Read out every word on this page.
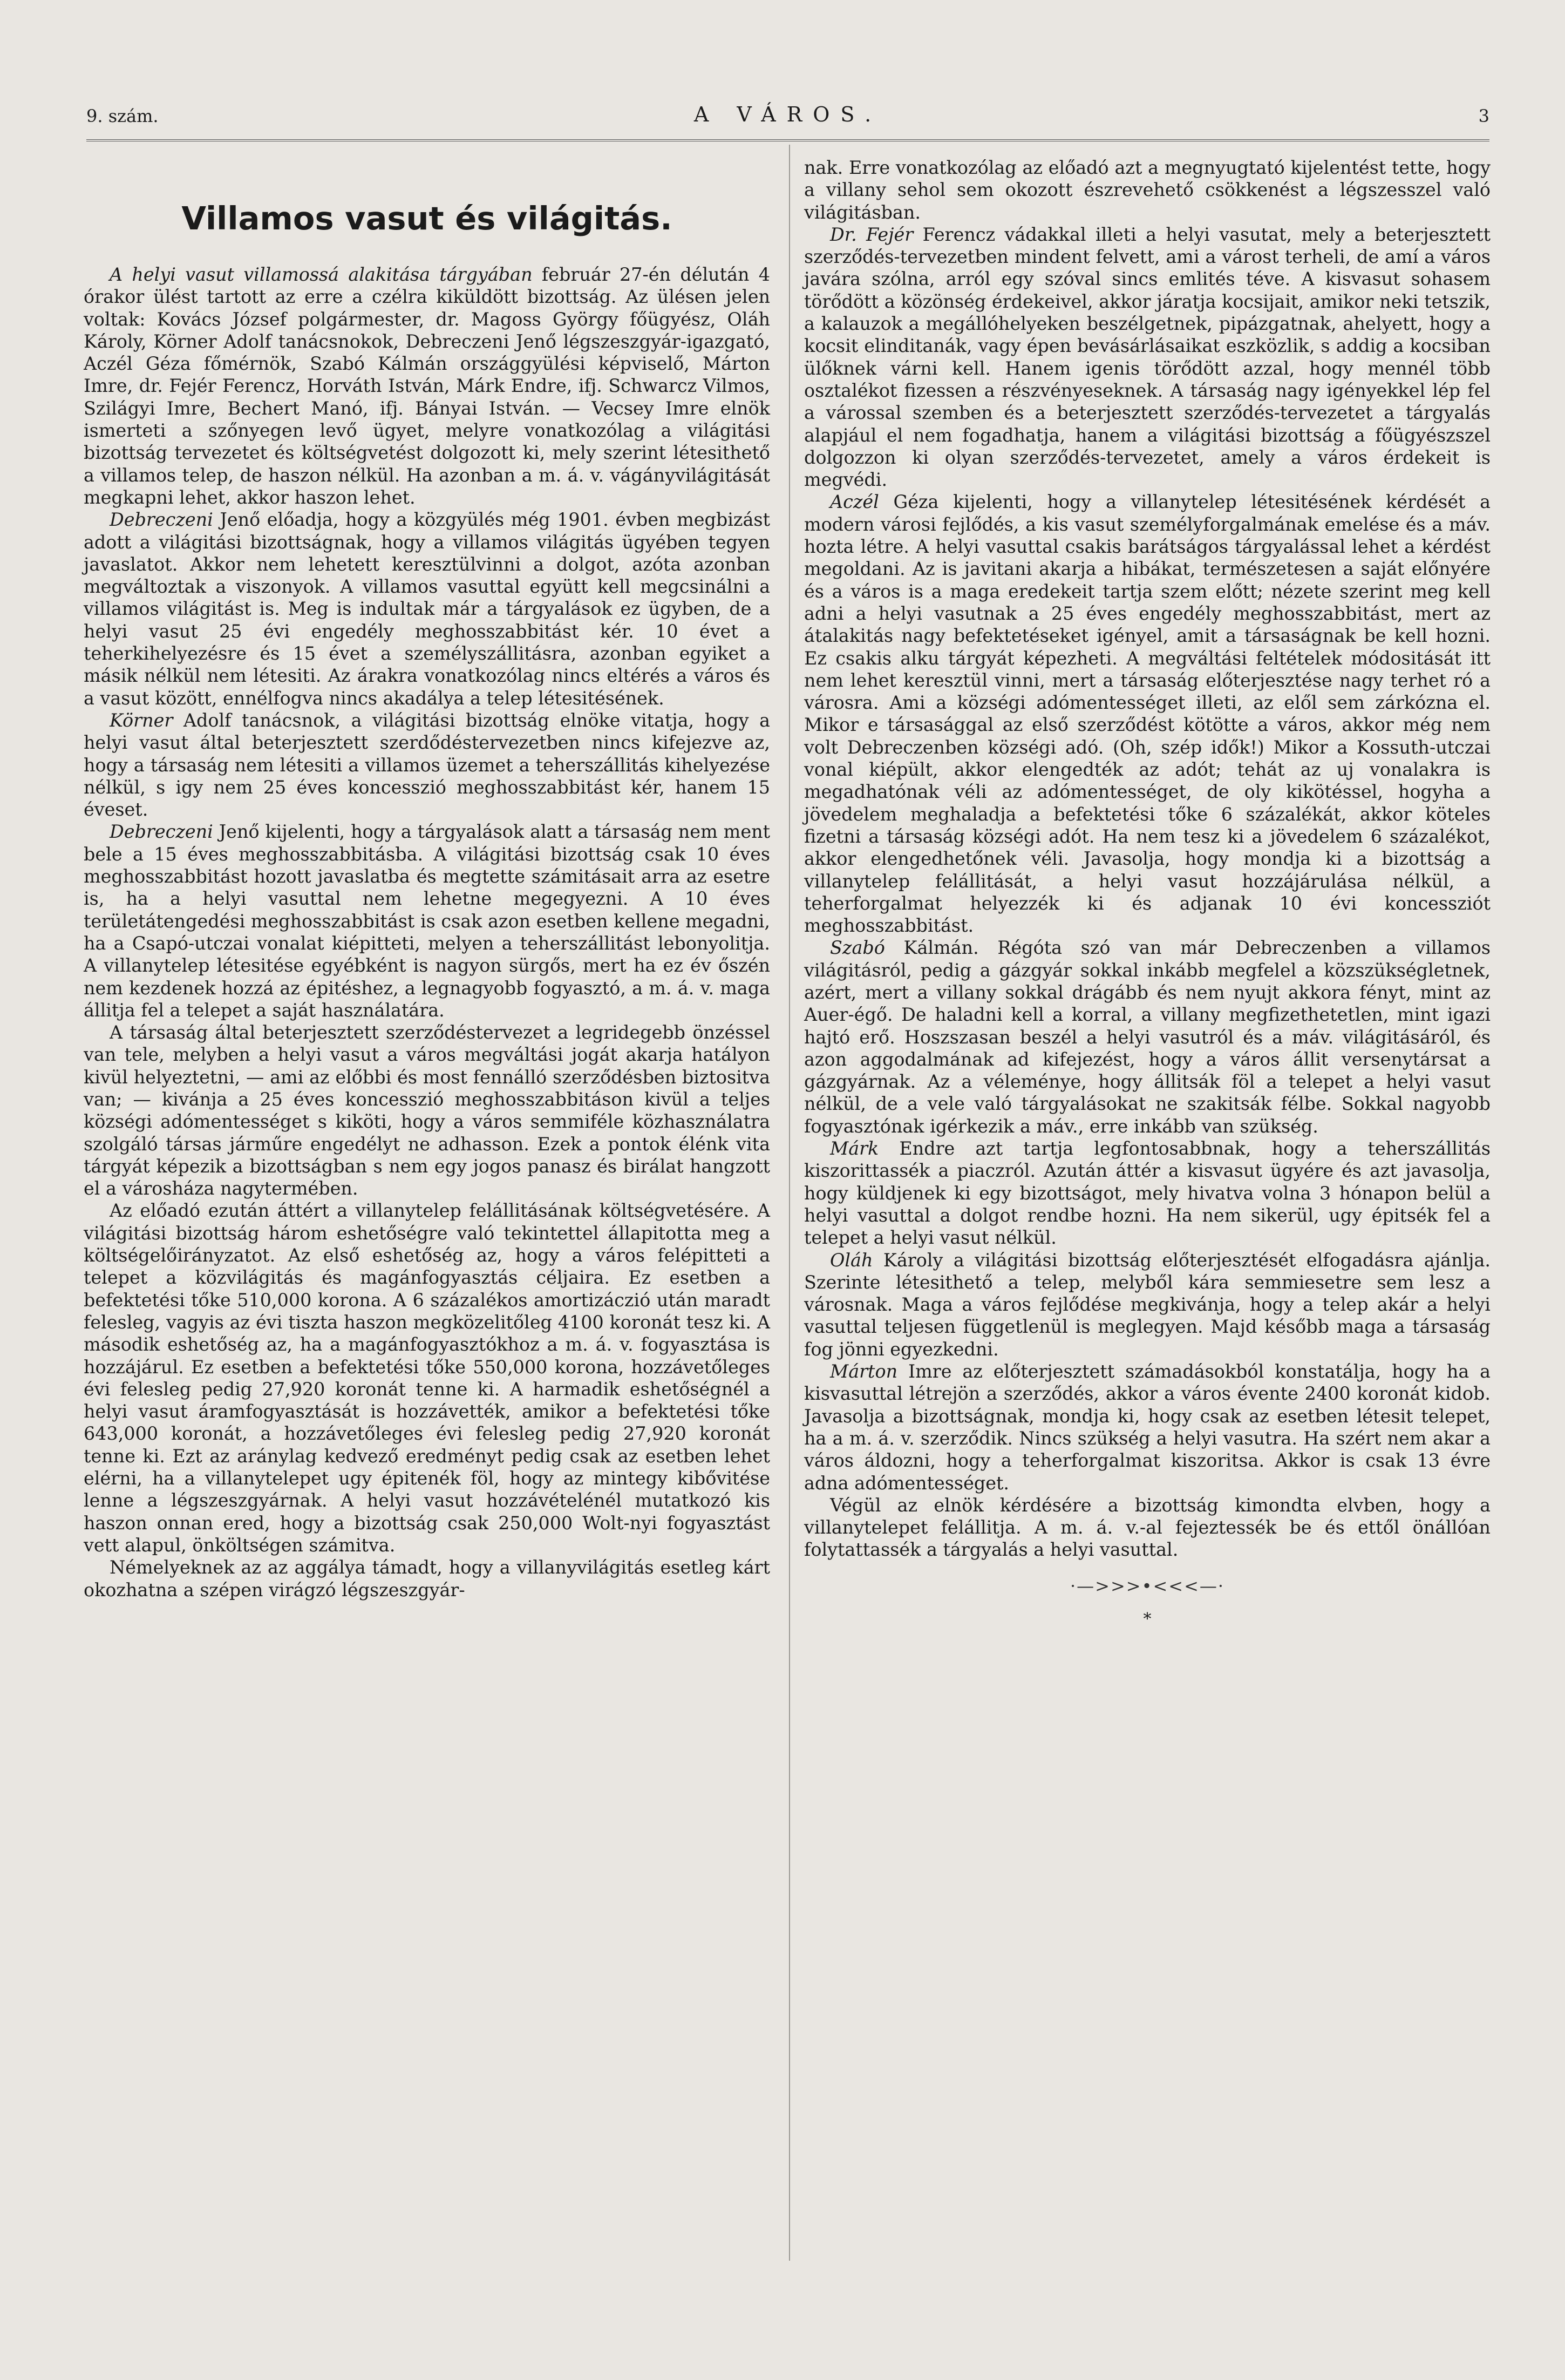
9. szám.	A VÁROS.	3
Villamos vasut és világitás.

A helyi vasut villamossá alakitása tárgyában február 27-én délután 4 órakor ülést tartott az erre a czélra kiküldött bizottság. Az ülésen jelen voltak: Kovács József polgármester, dr. Magoss György főügyész, Oláh Károly, Körner Adolf tanácsnokok, Debreczeni Jenő légszeszgyár-igazgató, Aczél Géza főmérnök, Szabó Kálmán országgyülési képviselő, Márton Imre, dr. Fejér Ferencz, Horváth István, Márk Endre, ifj. Schwarcz Vilmos, Szilágyi Imre, Bechert Manó, ifj. Bányai István. — Vecsey Imre elnök ismerteti a szőnyegen levő ügyet, melyre vonatkozólag a világitási bizottság tervezetet és költségvetést dolgozott ki, mely szerint létesithető a villamos telep, de haszon nélkül. Ha azonban a m. á. v. vágányvilágitását megkapni lehet, akkor haszon lehet.

Debreczeni Jenő előadja, hogy a közgyülés még 1901. évben megbizást adott a világitási bizottságnak, hogy a villamos világitás ügyében tegyen javaslatot. Akkor nem lehetett keresztülvinni a dolgot, azóta azonban megváltoztak a viszonyok. A villamos vasuttal együtt kell megcsinálni a villamos világitást is. Meg is indultak már a tárgyalások ez ügyben, de a helyi vasut 25 évi engedély meghosszabbitást kér. 10 évet a teherkihelyezésre és 15 évet a személyszállitásra, azonban egyiket a másik nélkül nem létesiti. Az árakra vonatkozólag nincs eltérés a város és a vasut között, ennélfogva nincs akadálya a telep létesitésének.

Körner Adolf tanácsnok, a világitási bizottság elnöke vitatja, hogy a helyi vasut által beterjesztett szerdődéstervezetben nincs kifejezve az, hogy a társaság nem létesiti a villamos üzemet a teherszállitás kihelyezése nélkül, s igy nem 25 éves koncesszió meghosszabbitást kér, hanem 15 éveset.

Debreczeni Jenő kijelenti, hogy a tárgyalások alatt a társaság nem ment bele a 15 éves meghosszabbitásba. A világitási bizottság csak 10 éves meghosszabbitást hozott javaslatba és megtette számitásait arra az esetre is, ha a helyi vasuttal nem lehetne megegyezni. A 10 éves területátengedési meghosszabbitást is csak azon esetben kellene megadni, ha a Csapó-utczai vonalat kiépitteti, melyen a teherszállitást lebonyolitja. A villanytelep létesitése egyébként is nagyon sürgős, mert ha ez év őszén nem kezdenek hozzá az épitéshez, a legnagyobb fogyasztó, a m. á. v. maga állitja fel a telepet a saját használatára.

A társaság által beterjesztett szerződéstervezet a legridegebb önzéssel van tele, melyben a helyi vasut a város megváltási jogát akarja hatályon kivül helyeztetni, — ami az előbbi és most fennálló szerződésben biztositva van; — kivánja a 25 éves koncesszió meghosszabbitáson kivül a teljes községi adómentességet s kiköti, hogy a város semmiféle közhasználatra szolgáló társas járműre engedélyt ne adhasson. Ezek a pontok élénk vita tárgyát képezik a bizottságban s nem egy jogos panasz és birálat hangzott el a városháza nagytermében.

Az előadó ezután áttért a villanytelep felállitásának költségvetésére. A világitási bizottság három eshetőségre való tekintettel állapitotta meg a költségelőirányzatot. Az első eshetőség az, hogy a város felépitteti a telepet a közvilágitás és magánfogyasztás céljaira. Ez esetben a befektetési tőke 510,000 korona. A 6 százalékos amortizáczió után maradt felesleg, vagyis az évi tiszta haszon megközelitőleg 4100 koronát tesz ki. A második eshetőség az, ha a magánfogyasztókhoz a m. á. v. fogyasztása is hozzájárul. Ez esetben a befektetési tőke 550,000 korona, hozzávetőleges évi felesleg pedig 27,920 koronát tenne ki. A harmadik eshetőségnél a helyi vasut áramfogyasztását is hozzávették, amikor a befektetési tőke 643,000 koronát, a hozzávetőleges évi felesleg pedig 27,920 koronát tenne ki. Ezt az aránylag kedvező eredményt pedig csak az esetben lehet elérni, ha a villanytelepet ugy épitenék föl, hogy az mintegy kibővitése lenne a légszeszgyárnak. A helyi vasut hozzávételénél mutatkozó kis haszon onnan ered, hogy a bizottság csak 250,000 Wolt-nyi fogyasztást vett alapul, önköltségen számitva.

Némelyeknek az az aggálya támadt, hogy a villanyvilágitás esetleg kárt okozhatna a szépen virágzó légszeszgyár-

nak. Erre vonatkozólag az előadó azt a megnyugtató kijelentést tette, hogy a villany sehol sem okozott észrevehető csökkenést a légszesszel való világitásban.

Dr. Fejér Ferencz vádakkal illeti a helyi vasutat, mely a beterjesztett szerződés-tervezetben mindent felvett, ami a várost terheli, de amí a város javára szólna, arról egy szóval sincs emlités téve. A kisvasut sohasem törődött a közönség érdekeivel, akkor járatja kocsijait, amikor neki tetszik, a kalauzok a megállóhelyeken beszélgetnek, pipázgatnak, ahelyett, hogy a kocsit elinditanák, vagy épen bevásárlásaikat eszközlik, s addig a kocsiban ülőknek várni kell. Hanem igenis törődött azzal, hogy mennél több osztalékot fizessen a részvényeseknek. A társaság nagy igényekkel lép fel a várossal szemben és a beterjesztett szerződés-tervezetet a tárgyalás alapjául el nem fogadhatja, hanem a világitási bizottság a főügyészszel dolgozzon ki olyan szerződés-tervezetet, amely a város érdekeit is megvédi.

Aczél Géza kijelenti, hogy a villanytelep létesitésének kérdését a modern városi fejlődés, a kis vasut személyforgalmának emelése és a máv. hozta létre. A helyi vasuttal csakis barátságos tárgyalással lehet a kérdést megoldani. Az is javitani akarja a hibákat, természetesen a saját előnyére és a város is a maga eredekeit tartja szem előtt; nézete szerint meg kell adni a helyi vasutnak a 25 éves engedély meghosszabbitást, mert az átalakitás nagy befektetéseket igényel, amit a társaságnak be kell hozni. Ez csakis alku tárgyát képezheti. A megváltási feltételek módositását itt nem lehet keresztül vinni, mert a társaság előterjesztése nagy terhet ró a városra. Ami a községi adómentességet illeti, az elől sem zárkózna el. Mikor e társasággal az első szerződést kötötte a város, akkor még nem volt Debreczenben községi adó. (Oh, szép idők!) Mikor a Kossuth-utczai vonal kiépült, akkor elengedték az adót; tehát az uj vonalakra is megadhatónak véli az adómentességet, de oly kikötéssel, hogyha a jövedelem meghaladja a befektetési tőke 6 százalékát, akkor köteles fizetni a társaság községi adót. Ha nem tesz ki a jövedelem 6 százalékot, akkor elengedhetőnek véli. Javasolja, hogy mondja ki a bizottság a villanytelep felállitását, a helyi vasut hozzájárulása nélkül, a teherforgalmat helyezzék ki és adjanak 10 évi koncessziót meghosszabbitást.

Szabó Kálmán. Régóta szó van már Debreczenben a villamos világitásról, pedig a gázgyár sokkal inkább megfelel a közszükségletnek, azért, mert a villany sokkal drágább és nem nyujt akkora fényt, mint az Auer-égő. De haladni kell a korral, a villany megfizethetetlen, mint igazi hajtó erő. Hoszszasan beszél a helyi vasutról és a máv. világitásáról, és azon aggodalmának ad kifejezést, hogy a város állit versenytársat a gázgyárnak. Az a véleménye, hogy állitsák föl a telepet a helyi vasut nélkül, de a vele való tárgyalásokat ne szakitsák félbe. Sokkal nagyobb fogyasztónak igérkezik a máv., erre inkább van szükség.

Márk Endre azt tartja legfontosabbnak, hogy a teherszállitás kiszorittassék a piaczról. Azután áttér a kisvasut ügyére és azt javasolja, hogy küldjenek ki egy bizottságot, mely hivatva volna 3 hónapon belül a helyi vasuttal a dolgot rendbe hozni. Ha nem sikerül, ugy épitsék fel a telepet a helyi vasut nélkül.

Oláh Károly a világitási bizottság előterjesztését elfogadásra ajánlja. Szerinte létesithető a telep, melyből kára semmiesetre sem lesz a városnak. Maga a város fejlődése megkivánja, hogy a telep akár a helyi vasuttal teljesen függetlenül is meglegyen. Majd később maga a társaság fog jönni egyezkedni.

Márton Imre az előterjesztett számadásokból konstatálja, hogy ha a kisvasuttal létrejön a szerződés, akkor a város évente 2400 koronát kidob. Javasolja a bizottságnak, mondja ki, hogy csak az esetben létesit telepet, ha a m. á. v. szerződik. Nincs szükség a helyi vasutra. Ha szért nem akar a város áldozni, hogy a teherforgalmat kiszoritsa. Akkor is csak 13 évre adna adómentességet.

Végül az elnök kérdésére a bizottság kimondta elvben, hogy a villanytelepet felállitja. A m. á. v.-al fejeztessék be és ettől önállóan folytattassék a tárgyalás a helyi vasuttal.

·—>>>•<<<—·
*
